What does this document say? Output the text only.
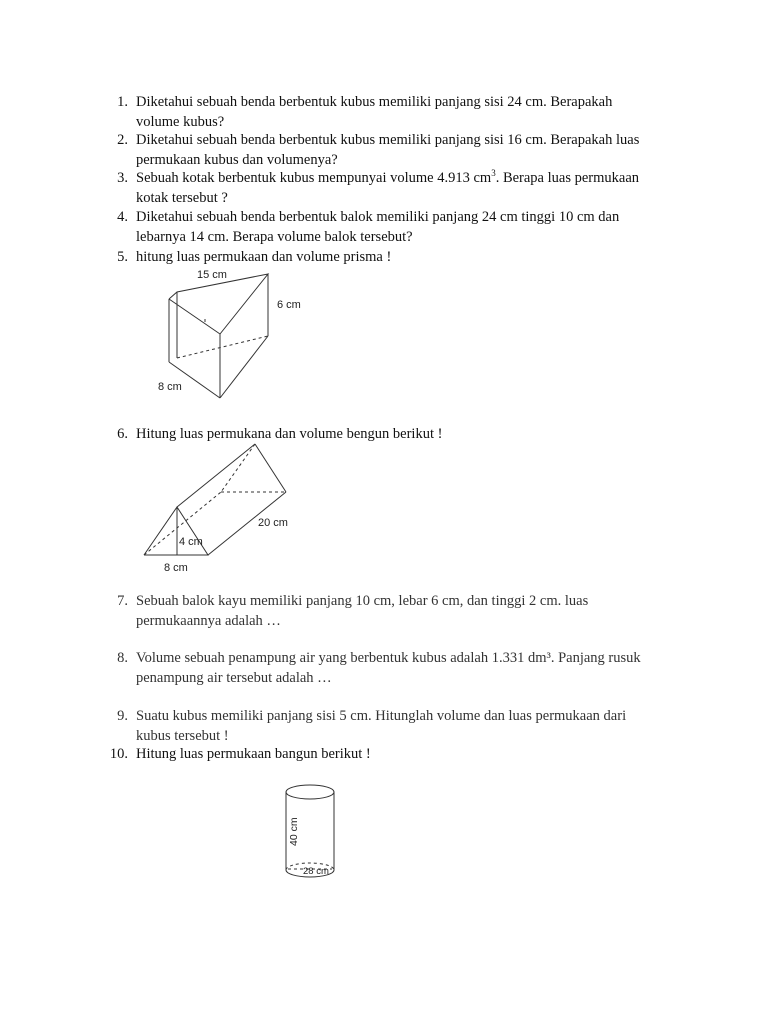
1. Diketahui sebuah benda berbentuk kubus memiliki panjang sisi 24 cm. Berapakah
volume kubus?
2. Diketahui sebuah benda berbentuk kubus memiliki panjang sisi 16 cm. Berapakah luas
permukaan kubus dan volumenya?
3. Sebuah kotak berbentuk kubus mempunyai volume 4.913 $cm^3$. Berapa luas permukaan
kotak tersebut ?
4. Diketahui sebuah benda berbentuk balok memiliki panjang 24 cm tinggi 10 cm dan
lebarnya 14 cm. Berapa volume balok tersebut?
5. hitung luas permukaan dan volume prisma !
15 cm
6 cm
8 cm
6. Hitung luas permukana dan volume bengun berikut !
4 cm
20 cm
8 cm
7. Sebuah balok kayu memiliki panjang 10 cm, lebar 6 cm, dan tinggi 2 cm. luas
permukaannya adalah …
8. Volume sebuah penampung air yang berbentuk kubus adalah 1.331 dm³. Panjang rusuk
penampung air tersebut adalah …
9. Suatu kubus memiliki panjang sisi 5 cm. Hitunglah volume dan luas permukaan dari
kubus tersebut !
10. Hitung luas permukaan bangun berikut !
40 cm
28 cm
